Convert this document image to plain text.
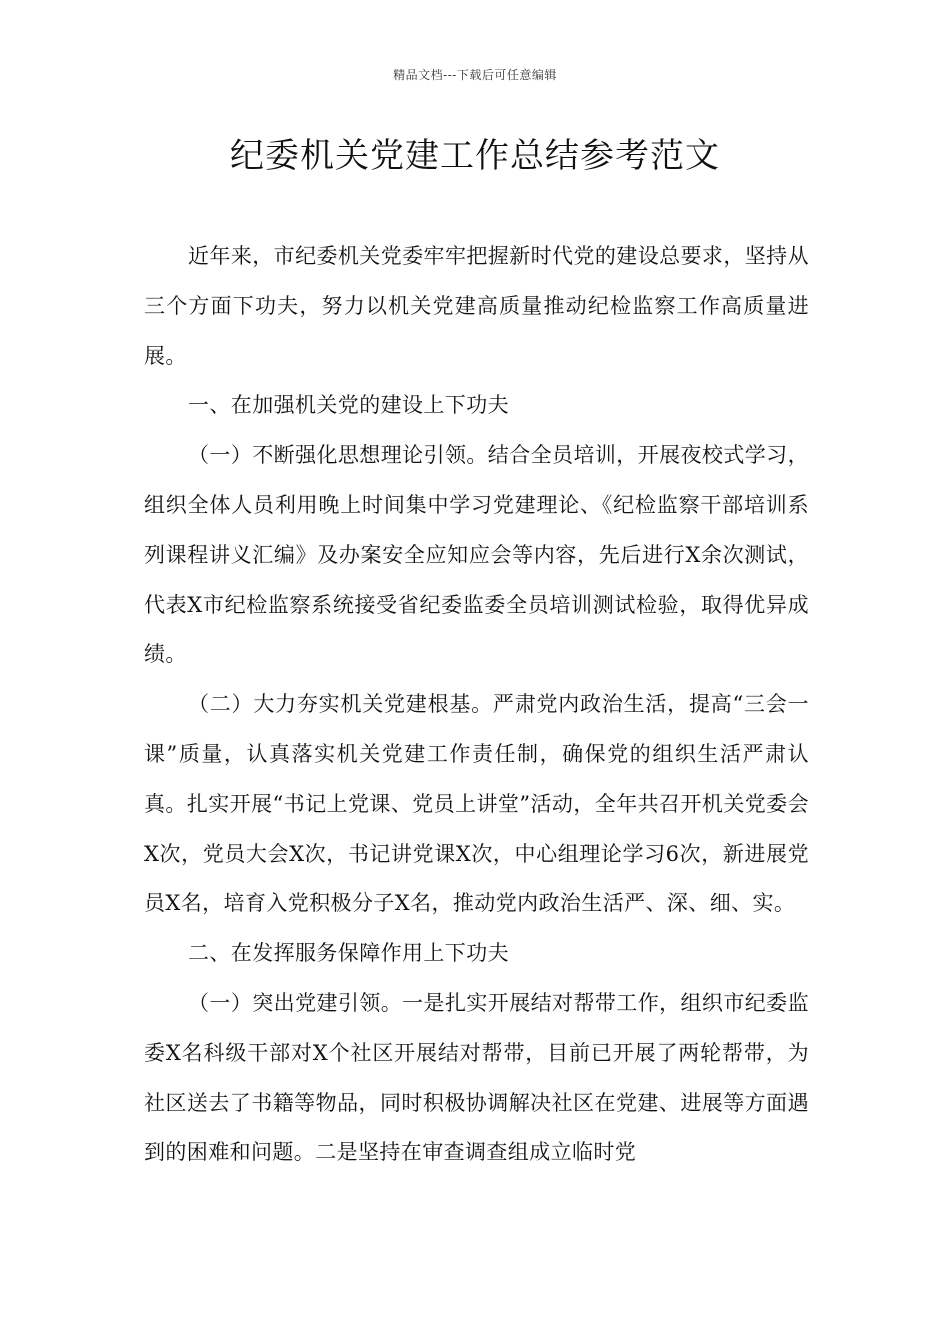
精品文档---下载后可任意编辑
纪委机关党建工作总结参考范文

近年来，市纪委机关党委牢牢把握新时代党的建设总要求，坚持从三个方面下功夫，努力以机关党建高质量推动纪检监察工作高质量进展。

一、在加强机关党的建设上下功夫

（一）不断强化思想理论引领。结合全员培训，开展夜校式学习，组织全体人员利用晚上时间集中学习党建理论、《纪检监察干部培训系列课程讲义汇编》及办案安全应知应会等内容，先后进行X余次测试，代表X市纪检监察系统接受省纪委监委全员培训测试检验，取得优异成绩。

（二）大力夯实机关党建根基。严肃党内政治生活，提高“三会一课”质量，认真落实机关党建工作责任制，确保党的组织生活严肃认真。扎实开展“书记上党课、党员上讲堂”活动，全年共召开机关党委会X次，党员大会X次，书记讲党课X次，中心组理论学习6次，新进展党员X名，培育入党积极分子X名，推动党内政治生活严、深、细、实。

二、在发挥服务保障作用上下功夫

（一）突出党建引领。一是扎实开展结对帮带工作，组织市纪委监委X名科级干部对X个社区开展结对帮带，目前已开展了两轮帮带，为社区送去了书籍等物品，同时积极协调解决社区在党建、进展等方面遇到的困难和问题。二是坚持在审查调查组成立临时党
